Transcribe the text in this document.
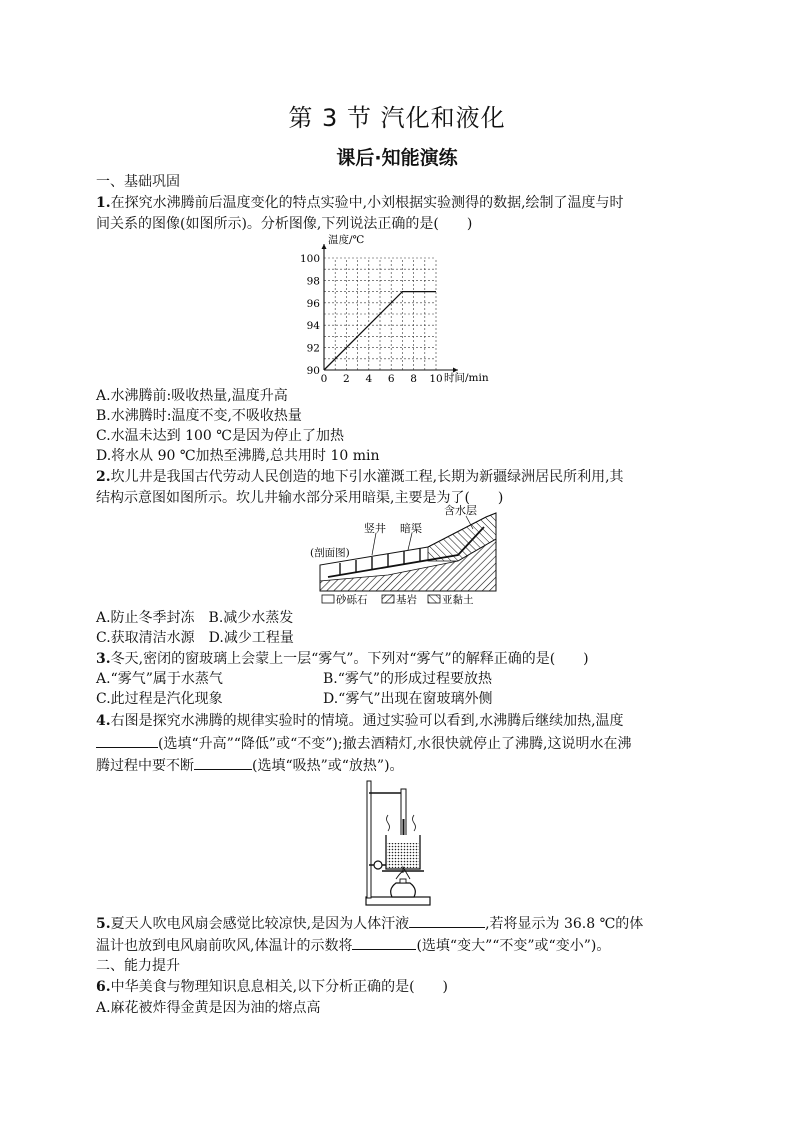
第 3 节 汽化和液化
课后·知能演练
一、基础巩固
1.在探究水沸腾前后温度变化的特点实验中,小刘根据实验测得的数据,绘制了温度与时
间关系的图像(如图所示)。分析图像,下列说法正确的是(　　)
0 2 4 6 8 10
90
92
94
96
98
100
温度/℃
时间/min
A.水沸腾前:吸收热量,温度升高
B.水沸腾时:温度不变,不吸收热量
C.水温未达到 100 ℃是因为停止了加热
D.将水从 90 ℃加热至沸腾,总共用时 10 min
2.坎儿井是我国古代劳动人民创造的地下引水灌溉工程,长期为新疆绿洲居民所利用,其
结构示意图如图所示。坎儿井输水部分采用暗渠,主要是为了(　　)
(剖面图)
竖井 暗渠
含水层
砂砾石	基岩 亚黏土
A.防止冬季封冻　B.减少水蒸发
C.获取清洁水源　D.减少工程量
3.冬天,密闭的窗玻璃上会蒙上一层“雾气”。下列对“雾气”的解释正确的是(　　)
A.“雾气”属于水蒸气	B.“雾气”的形成过程要放热
C.此过程是汽化现象	D.“雾气”出现在窗玻璃外侧
4.右图是探究水沸腾的规律实验时的情境。通过实验可以看到,水沸腾后继续加热,温度
(选填“升高”“降低”或“不变”);撤去酒精灯,水很快就停止了沸腾,这说明水在沸
腾过程中要不断	(选填“吸热”或“放热”)。
5.夏天人吹电风扇会感觉比较凉快,是因为人体汗液	,若将显示为 36.8 ℃的体
温计也放到电风扇前吹风,体温计的示数将	(选填“变大”“不变”或“变小”)。
二、能力提升
6.中华美食与物理知识息息相关,以下分析正确的是(　　)
A.麻花被炸得金黄是因为油的熔点高
